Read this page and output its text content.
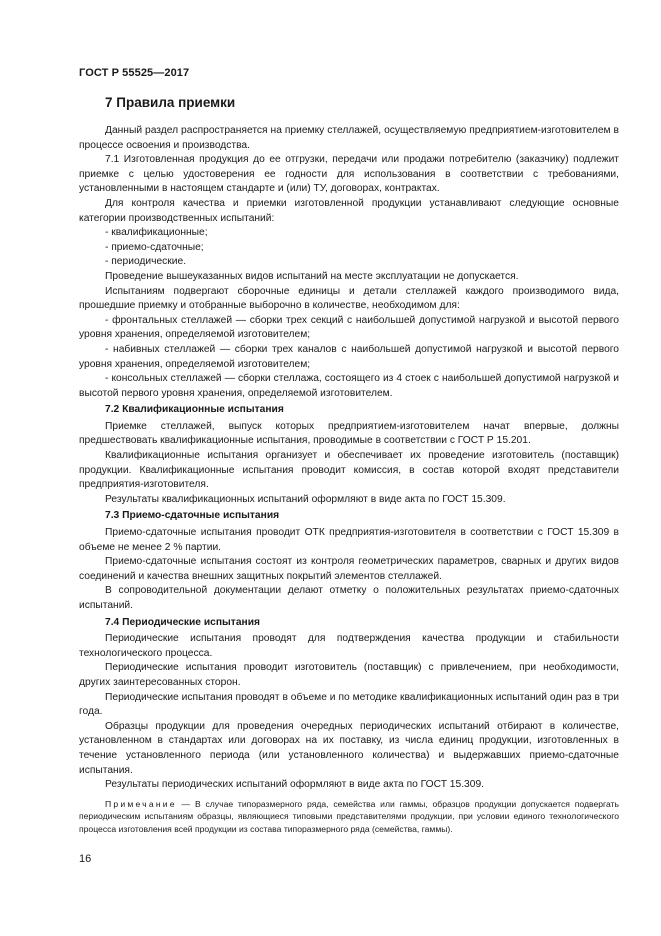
ГОСТ Р 55525—2017
7 Правила приемки

Данный раздел распространяется на приемку стеллажей, осуществляемую предприятием-изготовителем в процессе освоения и производства.

7.1 Изготовленная продукция до ее отгрузки, передачи или продажи потребителю (заказчику) подлежит приемке с целью удостоверения ее годности для использования в соответствии с требованиями, установленными в настоящем стандарте и (или) ТУ, договорах, контрактах.

Для контроля качества и приемки изготовленной продукции устанавливают следующие основные категории производственных испытаний:

- квалификационные;

- приемо-сдаточные;

- периодические.

Проведение вышеуказанных видов испытаний на месте эксплуатации не допускается.

Испытаниям подвергают сборочные единицы и детали стеллажей каждого производимого вида, прошедшие приемку и отобранные выборочно в количестве, необходимом для:

- фронтальных стеллажей — сборки трех секций с наибольшей допустимой нагрузкой и высотой первого уровня хранения, определяемой изготовителем;

- набивных стеллажей — сборки трех каналов с наибольшей допустимой нагрузкой и высотой первого уровня хранения, определяемой изготовителем;

- консольных стеллажей — сборки стеллажа, состоящего из 4 стоек с наибольшей допустимой нагрузкой и высотой первого уровня хранения, определяемой изготовителем.

7.2 Квалификационные испытания

Приемке стеллажей, выпуск которых предприятием-изготовителем начат впервые, должны предшествовать квалификационные испытания, проводимые в соответствии с ГОСТ Р 15.201.

Квалификационные испытания организует и обеспечивает их проведение изготовитель (поставщик) продукции. Квалификационные испытания проводит комиссия, в состав которой входят представители предприятия-изготовителя.

Результаты квалификационных испытаний оформляют в виде акта по ГОСТ 15.309.

7.3 Приемо-сдаточные испытания

Приемо-сдаточные испытания проводит ОТК предприятия-изготовителя в соответствии с ГОСТ 15.309 в объеме не менее 2 % партии.

Приемо-сдаточные испытания состоят из контроля геометрических параметров, сварных и других видов соединений и качества внешних защитных покрытий элементов стеллажей.

В сопроводительной документации делают отметку о положительных результатах приемо-сдаточных испытаний.

7.4 Периодические испытания

Периодические испытания проводят для подтверждения качества продукции и стабильности технологического процесса.

Периодические испытания проводит изготовитель (поставщик) с привлечением, при необходимости, других заинтересованных сторон.

Периодические испытания проводят в объеме и по методике квалификационных испытаний один раз в три года.

Образцы продукции для проведения очередных периодических испытаний отбирают в количестве, установленном в стандартах или договорах на их поставку, из числа единиц продукции, изготовленных в течение установленного периода (или установленного количества) и выдержавших приемо-сдаточные испытания.

Результаты периодических испытаний оформляют в виде акта по ГОСТ 15.309.

Примечание — В случае типоразмерного ряда, семейства или гаммы, образцов продукции допускается подвергать периодическим испытаниям образцы, являющиеся типовыми представителями продукции, при условии единого технологического процесса изготовления всей продукции из состава типоразмерного ряда (семейства, гаммы).

16
